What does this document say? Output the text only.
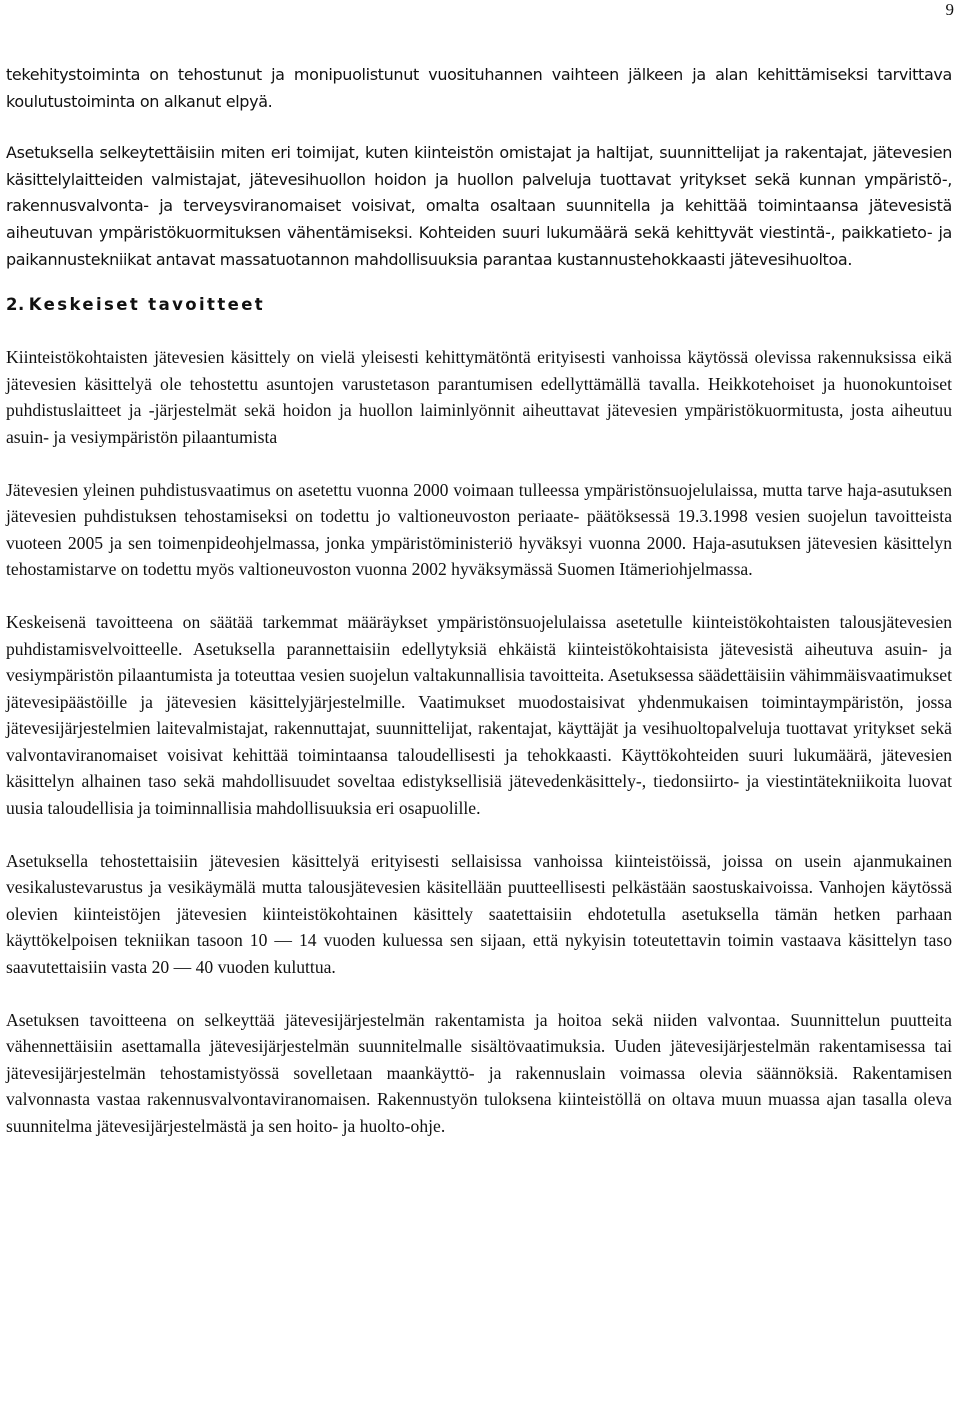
9

tekehitystoiminta on tehostunut ja monipuolistunut vuosituhannen vaihteen jälkeen ja alan kehittämiseksi tarvittava koulutustoiminta on alkanut elpyä.

Asetuksella selkeytettäisiin miten eri toimijat, kuten kiinteistön omistajat ja haltijat, suunnittelijat ja rakentajat, jätevesien käsittelylaitteiden valmistajat, jätevesihuollon hoidon ja huollon palveluja tuottavat yritykset sekä kunnan ympäristö-, rakennusvalvonta- ja terveysviranomaiset voisivat, omalta osaltaan suunnitella ja kehittää toimintaansa jätevesistä aiheutuvan ympäristökuormituksen vähentämiseksi. Kohteiden suuri lukumäärä sekä kehittyvät viestintä-, paikkatieto- ja paikannustekniikat antavat massatuotannon mahdollisuuksia parantaa kustannustehokkaasti jätevesihuoltoa.

2. Keskeiset tavoitteet

Kiinteistökohtaisten jätevesien käsittely on vielä yleisesti kehittymätöntä erityisesti vanhoissa käytössä olevissa rakennuksissa eikä jätevesien käsittelyä ole tehostettu asuntojen varustetason parantumisen edellyttämällä tavalla. Heikkotehoiset ja huonokuntoiset puhdistuslaitteet ja -järjestelmät sekä hoidon ja huollon laiminlyönnit aiheuttavat jätevesien ympäristökuormitusta, josta aiheutuu asuin- ja vesiympäristön pilaantumista

Jätevesien yleinen puhdistusvaatimus on asetettu vuonna 2000 voimaan tulleessa ympäristönsuojelulaissa, mutta tarve haja-asutuksen jätevesien puhdistuksen tehostamiseksi on todettu jo valtioneuvoston periaate- päätöksessä 19.3.1998 vesien suojelun tavoitteista vuoteen 2005 ja sen toimenpideohjelmassa, jonka ympäristöministeriö hyväksyi vuonna 2000. Haja-asutuksen jätevesien käsittelyn tehostamistarve on todettu myös valtioneuvoston vuonna 2002 hyväksymässä Suomen Itämeriohjelmassa.

Keskeisenä tavoitteena on säätää tarkemmat määräykset ympäristönsuojelulaissa asetetulle kiinteistökohtaisten talousjätevesien puhdistamisvelvoitteelle. Asetuksella parannettaisiin edellytyksiä ehkäistä kiinteistökohtaisista jätevesistä aiheutuva asuin- ja vesiympäristön pilaantumista ja toteuttaa vesien suojelun valtakunnallisia tavoitteita. Asetuksessa säädettäisiin vähimmäisvaatimukset jätevesipäästöille ja jätevesien käsittelyjärjestelmille. Vaatimukset muodostaisivat yhdenmukaisen toimintaympäristön, jossa jätevesijärjestelmien laitevalmistajat, rakennuttajat, suunnittelijat, rakentajat, käyttäjät ja vesihuoltopalveluja tuottavat yritykset sekä valvontaviranomaiset voisivat kehittää toimintaansa taloudellisesti ja tehokkaasti. Käyttökohteiden suuri lukumäärä, jätevesien käsittelyn alhainen taso sekä mahdollisuudet soveltaa edistyksellisiä jätevedenkäsittely-, tiedonsiirto- ja viestintätekniikoita luovat uusia taloudellisia ja toiminnallisia mahdollisuuksia eri osapuolille.

Asetuksella tehostettaisiin jätevesien käsittelyä erityisesti sellaisissa vanhoissa kiinteistöissä, joissa on usein ajanmukainen vesikalustevarustus ja vesikäymälä mutta talousjätevesien käsitellään puutteellisesti pelkästään saostuskaivoissa. Vanhojen käytössä olevien kiinteistöjen jätevesien kiinteistökohtainen käsittely saatettaisiin ehdotetulla asetuksella tämän hetken parhaan käyttökelpoisen tekniikan tasoon 10 — 14 vuoden kuluessa sen sijaan, että nykyisin toteutettavin toimin vastaava käsittelyn taso saavutettaisiin vasta 20 — 40 vuoden kuluttua.

Asetuksen tavoitteena on selkeyttää jätevesijärjestelmän rakentamista ja hoitoa sekä niiden valvontaa. Suunnittelun puutteita vähennettäisiin asettamalla jätevesijärjestelmän suunnitelmalle sisältövaatimuksia. Uuden jätevesijärjestelmän rakentamisessa tai jätevesijärjestelmän tehostamistyössä sovelletaan maankäyttö- ja rakennuslain voimassa olevia säännöksiä. Rakentamisen valvonnasta vastaa rakennusvalvontaviranomaisen. Rakennustyön tuloksena kiinteistöllä on oltava muun muassa ajan tasalla oleva suunnitelma jätevesijärjestelmästä ja sen hoito- ja huolto-ohje.
